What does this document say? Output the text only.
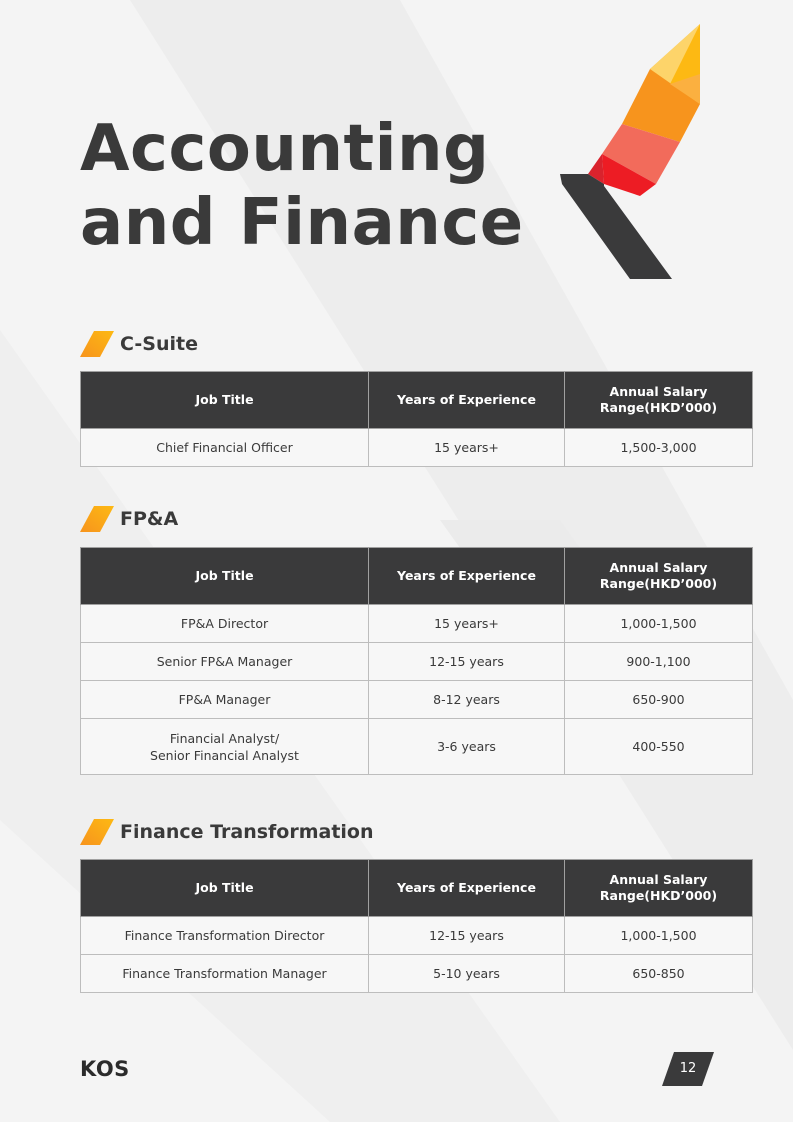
Accounting
and Finance
C-Suite
Job Title	Years of Experience	Annual Salary
Range(HKD’000)
Chief Financial Officer	15 years+	1,500-3,000
FP&A
Job Title	Years of Experience	Annual Salary
Range(HKD’000)
FP&A Director	15 years+	1,000-1,500
Senior FP&A Manager	12-15 years	900-1,100
FP&A Manager	8-12 years	650-900
Financial Analyst/
Senior Financial Analyst	3-6 years	400-550
Finance Transformation
Job Title	Years of Experience	Annual Salary
Range(HKD’000)
Finance Transformation Director	12-15 years	1,000-1,500
Finance Transformation Manager	5-10 years	650-850
KOS	12
